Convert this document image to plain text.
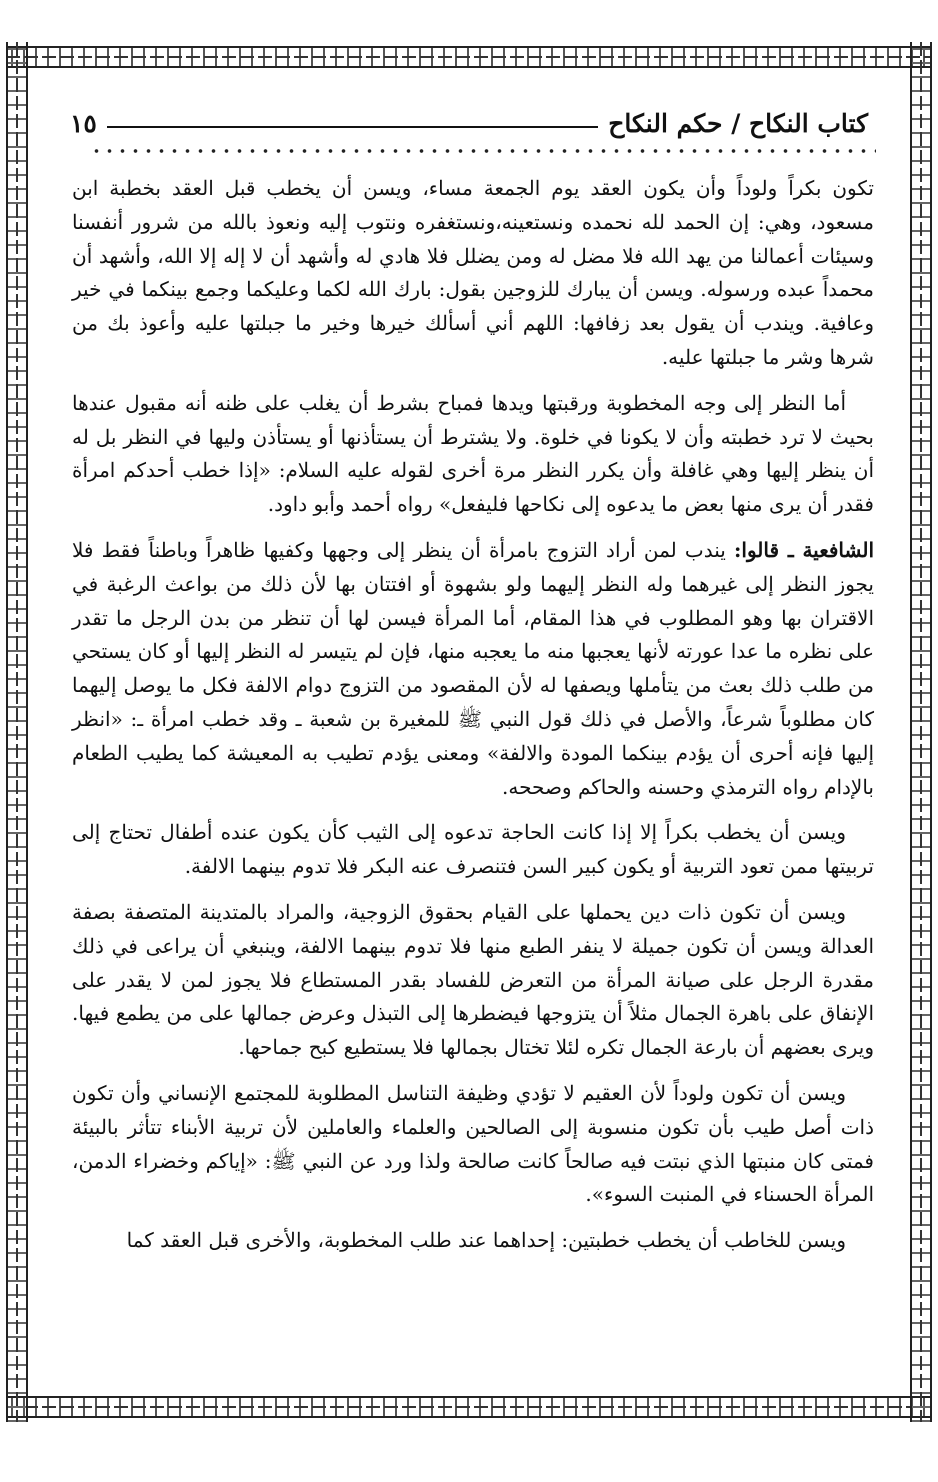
كتاب النكاح / حكم النكاح
١٥

تكون بكراً ولوداً وأن يكون العقد يوم الجمعة مساء، ويسن أن يخطب قبل العقد بخطبة ابن مسعود، وهي: إن الحمد لله نحمده ونستعينه،ونستغفره ونتوب إليه ونعوذ بالله من شرور أنفسنا وسيئات أعمالنا من يهد الله فلا مضل له ومن يضلل فلا هادي له وأشهد أن لا إله إلا الله، وأشهد أن محمداً عبده ورسوله. ويسن أن يبارك للزوجين بقول: بارك الله لكما وعليكما وجمع بينكما في خير وعافية. ويندب أن يقول بعد زفافها: اللهم أني أسألك خيرها وخير ما جبلتها عليه وأعوذ بك من شرها وشر ما جبلتها عليه.

أما النظر إلى وجه المخطوبة ورقبتها ويدها فمباح بشرط أن يغلب على ظنه أنه مقبول عندها بحيث لا ترد خطبته وأن لا يكونا في خلوة. ولا يشترط أن يستأذنها أو يستأذن وليها في النظر بل له أن ينظر إليها وهي غافلة وأن يكرر النظر مرة أخرى لقوله عليه السلام: «إذا خطب أحدكم امرأة فقدر أن يرى منها بعض ما يدعوه إلى نكاحها فليفعل» رواه أحمد وأبو داود.

الشافعية ـ قالوا: يندب لمن أراد التزوج بامرأة أن ينظر إلى وجهها وكفيها ظاهراً وباطناً فقط فلا يجوز النظر إلى غيرهما وله النظر إليهما ولو بشهوة أو افتتان بها لأن ذلك من بواعث الرغبة في الاقتران بها وهو المطلوب في هذا المقام، أما المرأة فيسن لها أن تنظر من بدن الرجل ما تقدر على نظره ما عدا عورته لأنها يعجبها منه ما يعجبه منها، فإن لم يتيسر له النظر إليها أو كان يستحي من طلب ذلك بعث من يتأملها ويصفها له لأن المقصود من التزوج دوام الالفة فكل ما يوصل إليهما كان مطلوباً شرعاً، والأصل في ذلك قول النبي ﷺ للمغيرة بن شعبة ـ وقد خطب امرأة ـ: «انظر إليها فإنه أحرى أن يؤدم بينكما المودة والالفة» ومعنى يؤدم تطيب به المعيشة كما يطيب الطعام بالإدام رواه الترمذي وحسنه والحاكم وصححه.

ويسن أن يخطب بكراً إلا إذا كانت الحاجة تدعوه إلى الثيب كأن يكون عنده أطفال تحتاج إلى تربيتها ممن تعود التربية أو يكون كبير السن فتنصرف عنه البكر فلا تدوم بينهما الالفة.

ويسن أن تكون ذات دين يحملها على القيام بحقوق الزوجية، والمراد بالمتدينة المتصفة بصفة العدالة ويسن أن تكون جميلة لا ينفر الطبع منها فلا تدوم بينهما الالفة، وينبغي أن يراعى في ذلك مقدرة الرجل على صيانة المرأة من التعرض للفساد بقدر المستطاع فلا يجوز لمن لا يقدر على الإنفاق على باهرة الجمال مثلاً أن يتزوجها فيضطرها إلى التبذل وعرض جمالها على من يطمع فيها. ويرى بعضهم أن بارعة الجمال تكره لئلا تختال بجمالها فلا يستطيع كبح جماحها.

ويسن أن تكون ولوداً لأن العقيم لا تؤدي وظيفة التناسل المطلوبة للمجتمع الإنساني وأن تكون ذات أصل طيب بأن تكون منسوبة إلى الصالحين والعلماء والعاملين لأن تربية الأبناء تتأثر بالبيئة فمتى كان منبتها الذي نبتت فيه صالحاً كانت صالحة ولذا ورد عن النبي ﷺ: «إياكم وخضراء الدمن، المرأة الحسناء في المنبت السوء».

ويسن للخاطب أن يخطب خطبتين: إحداهما عند طلب المخطوبة، والأخرى قبل العقد كما
